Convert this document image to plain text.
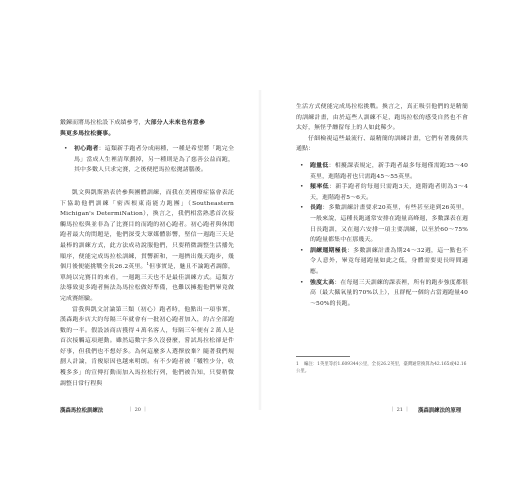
鍛鍊而將馬拉松設下成績參考，大部分人未來也有意參

與更多馬拉松賽事。

• 初心跑者：這類新手跑者分成兩種，一種是希望將「跑完全馬」當成人生裡清單劃掉，另一種則是為了慈善公益而跑，其中多數人只求完賽，之後便把馬拉松拋諸腦後。

凱文與凱斯熟表於參與團體訓練，而我在美國療症協會表託下協助他們訓練「密西根東南能力跑團」（Southeastern Michigan's DetermiNation），換言之，我們相當熟悉首次接觸馬拉松與並非為了比賽目的而跑的初心跑者。初心跑者與休閒跑者最大的問題是，他們深受大眾媒體影響，堅信一週跑三天是最棒的訓練方式，此方法成功說服他們，只要稍微調整生活播先順序，便能完成馬拉松訓練，貫響新和，一週擠出幾天跑步，幾個月後便能挑戰全長26.2英里。$^1$但事實是，魅且不論跑者調節，單純以完賽目的來看，一週跑三天也不是最佳訓練方式。這類方法導致更多跑者無法為馬拉松做好準備，也難以擁抱他們畢竟做完成賽經驗。

當我與凱文討論第三類（初心）跑者時，他點出一項事實，漢森跑步店大約每隔三年就會有一批初心跑者加入，約占全部跑數的一半。假設該商店獲得４萬名客人，每隔三年便有２萬人是首次接觸這項運動。雖然這數字多久沒發麼，嘗試馬拉松卻是件好事，但我們也不想好多。為何這麼多人選擇放棄？隨著我們規劃人計論，肯俊原因也越來明朗。有不少跑者被「犧牲少分，收穫多多」的宣傳打動而加入馬拉松行列，他們被告知，只要稍微調整日常行程與

漢森馬拉松訓練法	｜ 20 ｜

生活方式便能完成馬拉松挑戰。換言之，真正吸引他們的是精簡的訓練計畫，由於這些人訓練不足，跑馬拉松的感受自然也不會太好，無怪乎纏留每上的人如此稀少。

仔細檢視這些最流行、最精簡的訓練計畫，它們有著幾個共通點：

• 跑量低：相擾課表規定，新手跑者最多每週僅需跑35～40英里，進階跑者也只需跑45～55英里。

• 頻率低：新手跑者約每週只需跑3天，進階跑者則為3～4天，進階跑者5～6天。

• 長跑：多數訓練計畫要求20英里，有些甚至達到26英里，一般來說，這種長跑通常安排在跑量高峰週，多數課表在週日長跑訓，又在週六安排一項主要訓練，以至於60～75%的跑量都集中在那幾天。

• 訓練週期極長：多數訓練計畫為期24～32週，這一點也不令人意外，畢竟每週跑量如此之低，身體需要更長時間適應。

• 強度太高：在每週三天訓練的課表裡，所有的跑步強度都很高（最大攝氧量的70%以上），且群配一個約占當週跑量40～50%的長跑。

1 編注：1英里等於1.609344公里，全長26.2英里，臺灣通常換算為42.165或42.16公里。
｜ 21 ｜ 漢森訓練法的原理
